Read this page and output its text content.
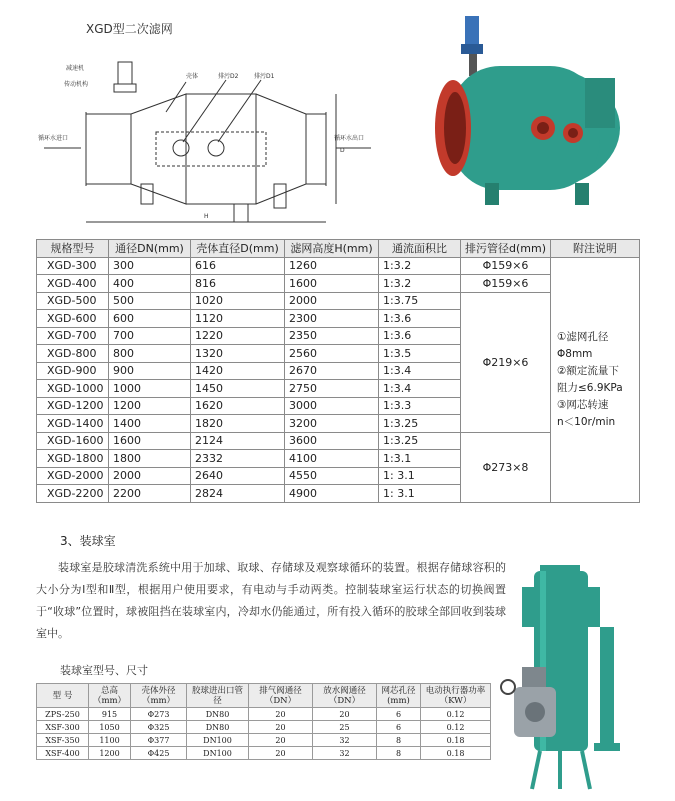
XGD型二次滤网
减速机
传动机构
壳体	排污D2	排污D1
循环水进口	循环水出口
H
D
规格型号	通径DN(mm)	壳体直径D(mm)	滤网高度H(mm)	通流面积比	排污管径d(mm)	附注说明
XGD-300	300	616	1260	1:3.2	Φ159×6	①滤网孔径Φ8mm
②额定流量下
阻力≤6.9KPa
③网芯转速
n＜10r/min

XGD-400	400	816	1600	1:3.2	Φ159×6	
XGD-500	500	1020	2000	1:3.75	Φ219×6	
XGD-600	600	1120	2300	1:3.6		
XGD-700	700	1220	2350	1:3.6		
XGD-800	800	1320	2560	1:3.5		
XGD-900	900	1420	2670	1:3.4		
XGD-1000	1000	1450	2750	1:3.4		
XGD-1200	1200	1620	3000	1:3.3		
XGD-1400	1400	1820	3200	1:3.25		
XGD-1600	1600	2124	3600	1:3.25	Φ273×8	
XGD-1800	1800	2332	4100	1:3.1		
XGD-2000	2000	2640	4550	1: 3.1		
XGD-2200	2200	2824	4900	1: 3.1		
3、装球室

装球室是胶球清洗系统中用于加球、取球、存储球及观察球循环的装置。根据存储球容积的大小分为Ⅰ型和Ⅱ型，根据用户使用要求，有电动与手动两类。控制装球室运行状态的切换阀置于“收球”位置时，球被阻挡在装球室内，冷却水仍能通过，所有投入循环的胶球全部回收到装球室中。

装球室型号、尺寸
型 号	总高（mm）	壳体外径（mm）	胶球进出口管径	排气阀通径（DN）	放水阀通径（DN）	网芯孔径(mm)	电动执行器功率（KW）
ZPS-250	915	Φ273	DN80	20	20	6	0.12
XSF-300	1050	Φ325	DN80	20	25	6	0.12
XSF-350	1100	Φ377	DN100	20	32	8	0.18
XSF-400	1200	Φ425	DN100	20	32	8	0.18
